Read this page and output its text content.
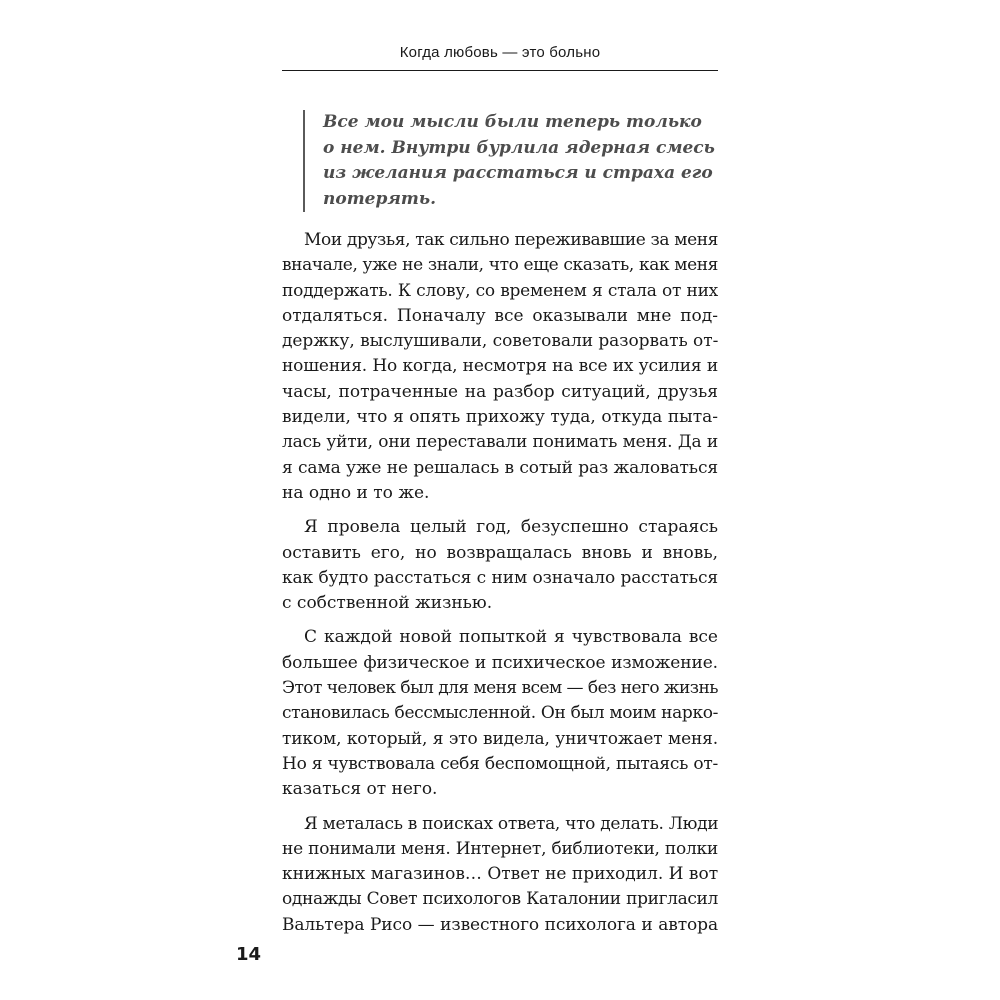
Когда любовь — это больно
Все мои мысли были теперь только
о нем. Внутри бурлила ядерная смесь
из желания расстаться и страха его
потерять.
Мои друзья, так сильно переживавшие за меня
вначале, уже не знали, что еще сказать, как меня
поддержать. К слову, со временем я стала от них
отдаляться. Поначалу все оказывали мне под-
держку, выслушивали, советовали разорвать от-
ношения. Но когда, несмотря на все их усилия и
часы, потраченные на разбор ситуаций, друзья
видели, что я опять прихожу туда, откуда пыта-
лась уйти, они переставали понимать меня. Да и
я сама уже не решалась в сотый раз жаловаться
на одно и то же.
Я провела целый год, безуспешно стараясь
оставить его, но возвращалась вновь и вновь,
как будто расстаться с ним означало расстаться
с собственной жизнью.
С каждой новой попыткой я чувствовала все
большее физическое и психическое изможение.
Этот человек был для меня всем — без него жизнь
становилась бессмысленной. Он был моим нарко-
тиком, который, я это видела, уничтожает меня.
Но я чувствовала себя беспомощной, пытаясь от-
казаться от него.
Я металась в поисках ответа, что делать. Люди
не понимали меня. Интернет, библиотеки, полки
книжных магазинов… Ответ не приходил. И вот
однажды Совет психологов Каталонии пригласил
Вальтера Рисо — известного психолога и автора
14
